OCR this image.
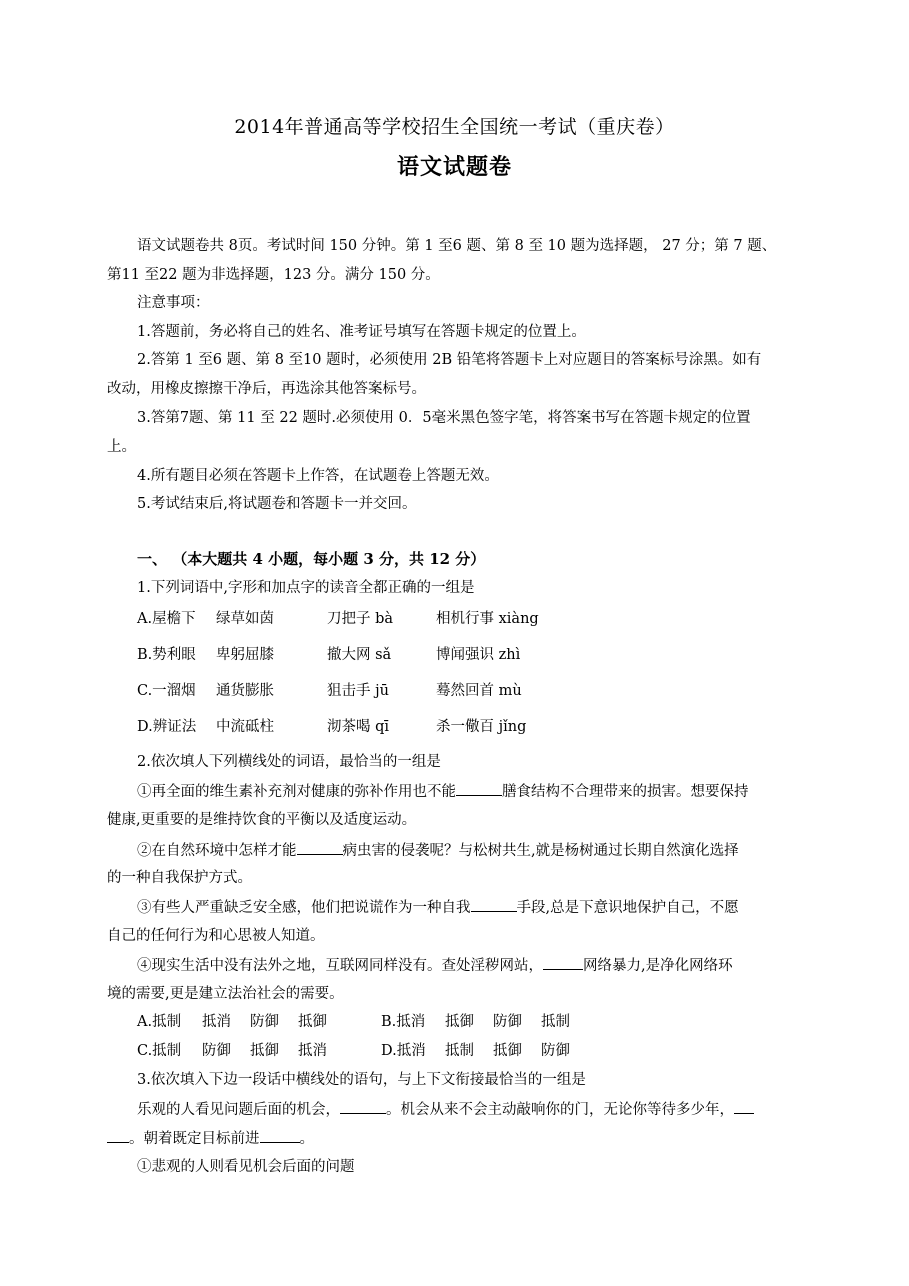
2014年普通高等学校招生全国统一考试（重庆卷）
语文试题卷
语文试题卷共 8页。考试时间 150 分钟。第 1 至6 题、第 8 至 10 题为选择题， 27 分；第 7 题、
第11 至22 题为非选择题，123 分。满分 150 分。
注意事项：
1.答题前，务必将自己的姓名、准考证号填写在答题卡规定的位置上。
2.答第 1 至6 题、第 8 至10 题时，必须使用 2B 铅笔将答题卡上对应题目的答案标号涂黑。如有
改动，用橡皮擦擦干净后，再选涂其他答案标号。
3.答第7题、第 11 至 22 题时.必须使用 0．5毫米黑色签字笔，将答案书写在答题卡规定的位置
上。
4.所有题目必须在答题卡上作答，在试题卷上答题无效。
5.考试结束后,将试题卷和答题卡一并交回。
一、 （本大题共 4 小题，每小题 3 分，共 12 分）
1.下列词语中,字形和加点字的读音全都正确的一组是
A.屋檐下 绿草如茵	刀把子 bà	相机行事 xiàng
B.势利眼 卑躬屈膝	撤大网 sǎ	博闻强识 zhì
C.一溜烟 通货膨胀	狙击手 jū	蓦然回首 mù
D.辨证法 中流砥柱	沏茶喝 qī	杀一儆百 jǐng
2.依次填人下列横线处的词语，最恰当的一组是
①再全面的维生素补充剂对健康的弥补作用也不能	膳食结构不合理带来的损害。想要保持
健康,更重要的是维持饮食的平衡以及适度运动。
②在自然环境中怎样才能	病虫害的侵袭呢？与松树共生,就是杨树通过长期自然演化选择
的一种自我保护方式。
③有些人严重缺乏安全感，他们把说谎作为一种自我	手段,总是下意识地保护自己，不愿
自己的任何行为和心思被人知道。
④现实生活中没有法外之地，互联网同样没有。查处淫秽网站，	网络暴力,是净化网络环
境的需要,更是建立法治社会的需要。
A.抵制 抵消 防御 抵御	B.抵消 抵御 防御 抵制
C.抵制 防御 抵御 抵消	D.抵消 抵制 抵御 防御
3.依次填入下边一段话中横线处的语句，与上下文衔接最恰当的一组是
乐观的人看见问题后面的机会，	。机会从来不会主动敲响你的门，无论你等待多少年，
。朝着既定目标前进	。
①悲观的人则看见机会后面的问题
